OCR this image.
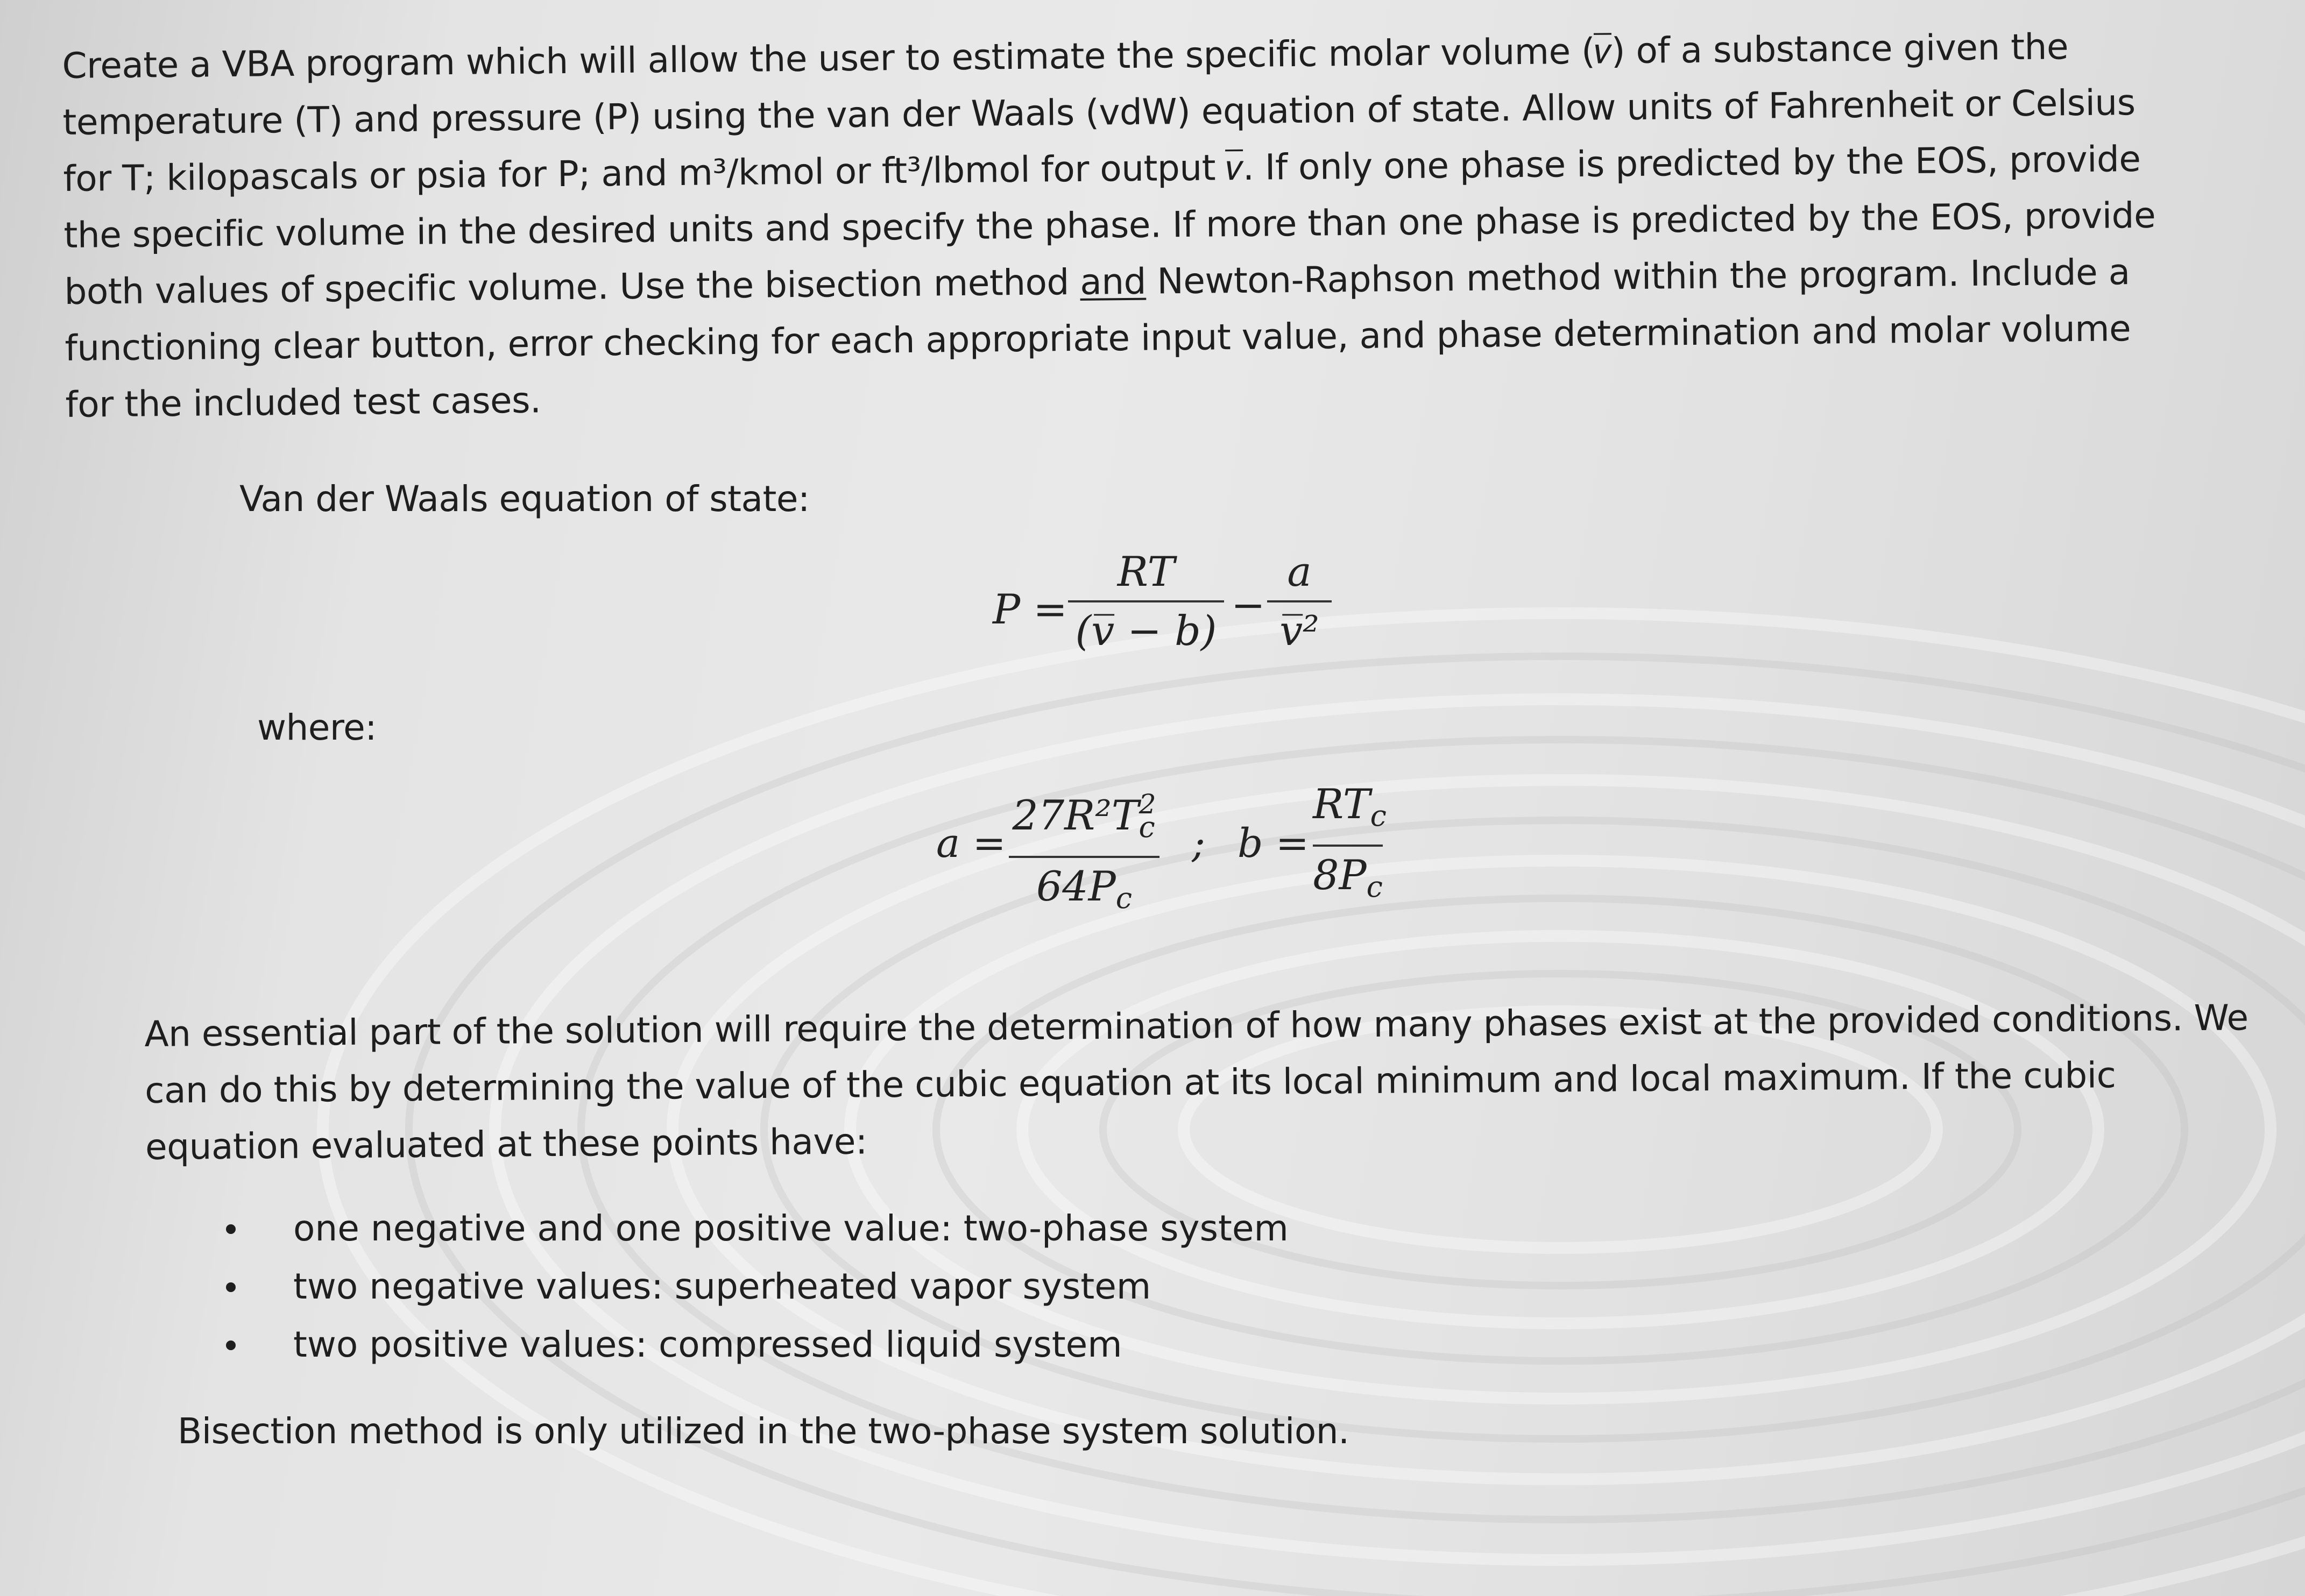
Create a VBA program which will allow the user to estimate the specific molar volume (𝑣̅) of a substance given the
temperature (T) and pressure (P) using the van der Waals (vdW) equation of state. Allow units of Fahrenheit or Celsius
for T; kilopascals or psia for P; and m³/kmol or ft³/lbmol for output 𝑣̅. If only one phase is predicted by the EOS, provide
the specific volume in the desired units and specify the phase. If more than one phase is predicted by the EOS, provide
both values of specific volume. Use the bisection method and Newton-Raphson method within the program. Include a
functioning clear button, error checking for each appropriate input value, and phase determination and molar volume
for the included test cases.
Van der Waals equation of state:
P =
RT
(𝑣̅ − b)
−
a
𝑣̅²
where:
a =
$27R^2T_c^2$
$64P_c$
; b =
$RT_c$
$8P_c$
An essential part of the solution will require the determination of how many phases exist at the provided conditions. We
can do this by determining the value of the cubic equation at its local minimum and local maximum. If the cubic
equation evaluated at these points have:
one negative and one positive value: two-phase system
two negative values: superheated vapor system
two positive values: compressed liquid system
Bisection method is only utilized in the two-phase system solution.
